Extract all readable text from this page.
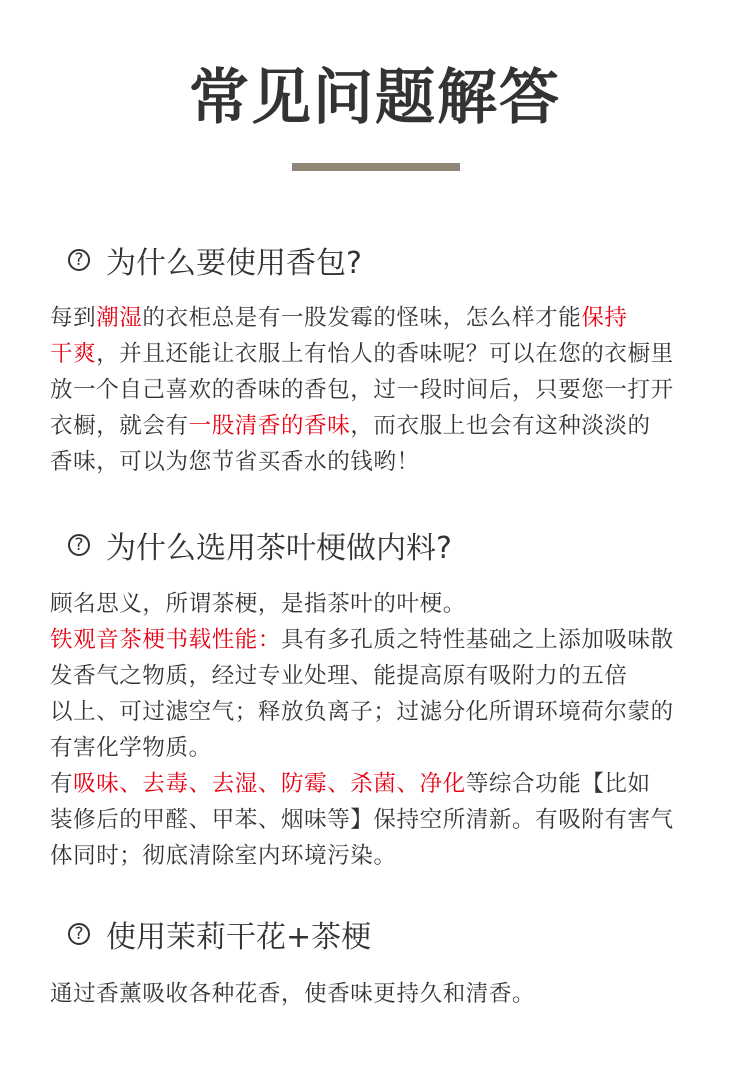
常见问题解答
? 为什么要使用香包?
每到潮湿的衣柜总是有一股发霉的怪味，怎么样才能保持
干爽，并且还能让衣服上有怡人的香味呢？可以在您的衣橱里
放一个自己喜欢的香味的香包，过一段时间后，只要您一打开
衣橱，就会有一股清香的香味，而衣服上也会有这种淡淡的
香味，可以为您节省买香水的钱哟！
? 为什么选用茶叶梗做内料?
顾名思义，所谓茶梗，是指茶叶的叶梗。
铁观音茶梗书载性能：具有多孔质之特性基础之上添加吸味散
发香气之物质，经过专业处理、能提高原有吸附力的五倍
以上、可过滤空气；释放负离子；过滤分化所谓环境荷尔蒙的
有害化学物质。
有吸味、去毒、去湿、防霉、杀菌、净化等综合功能【比如
装修后的甲醛、甲苯、烟味等】保持空所清新。有吸附有害气
体同时；彻底清除室内环境污染。
? 使用茉莉干花+茶梗
通过香薰吸收各种花香，使香味更持久和清香。
